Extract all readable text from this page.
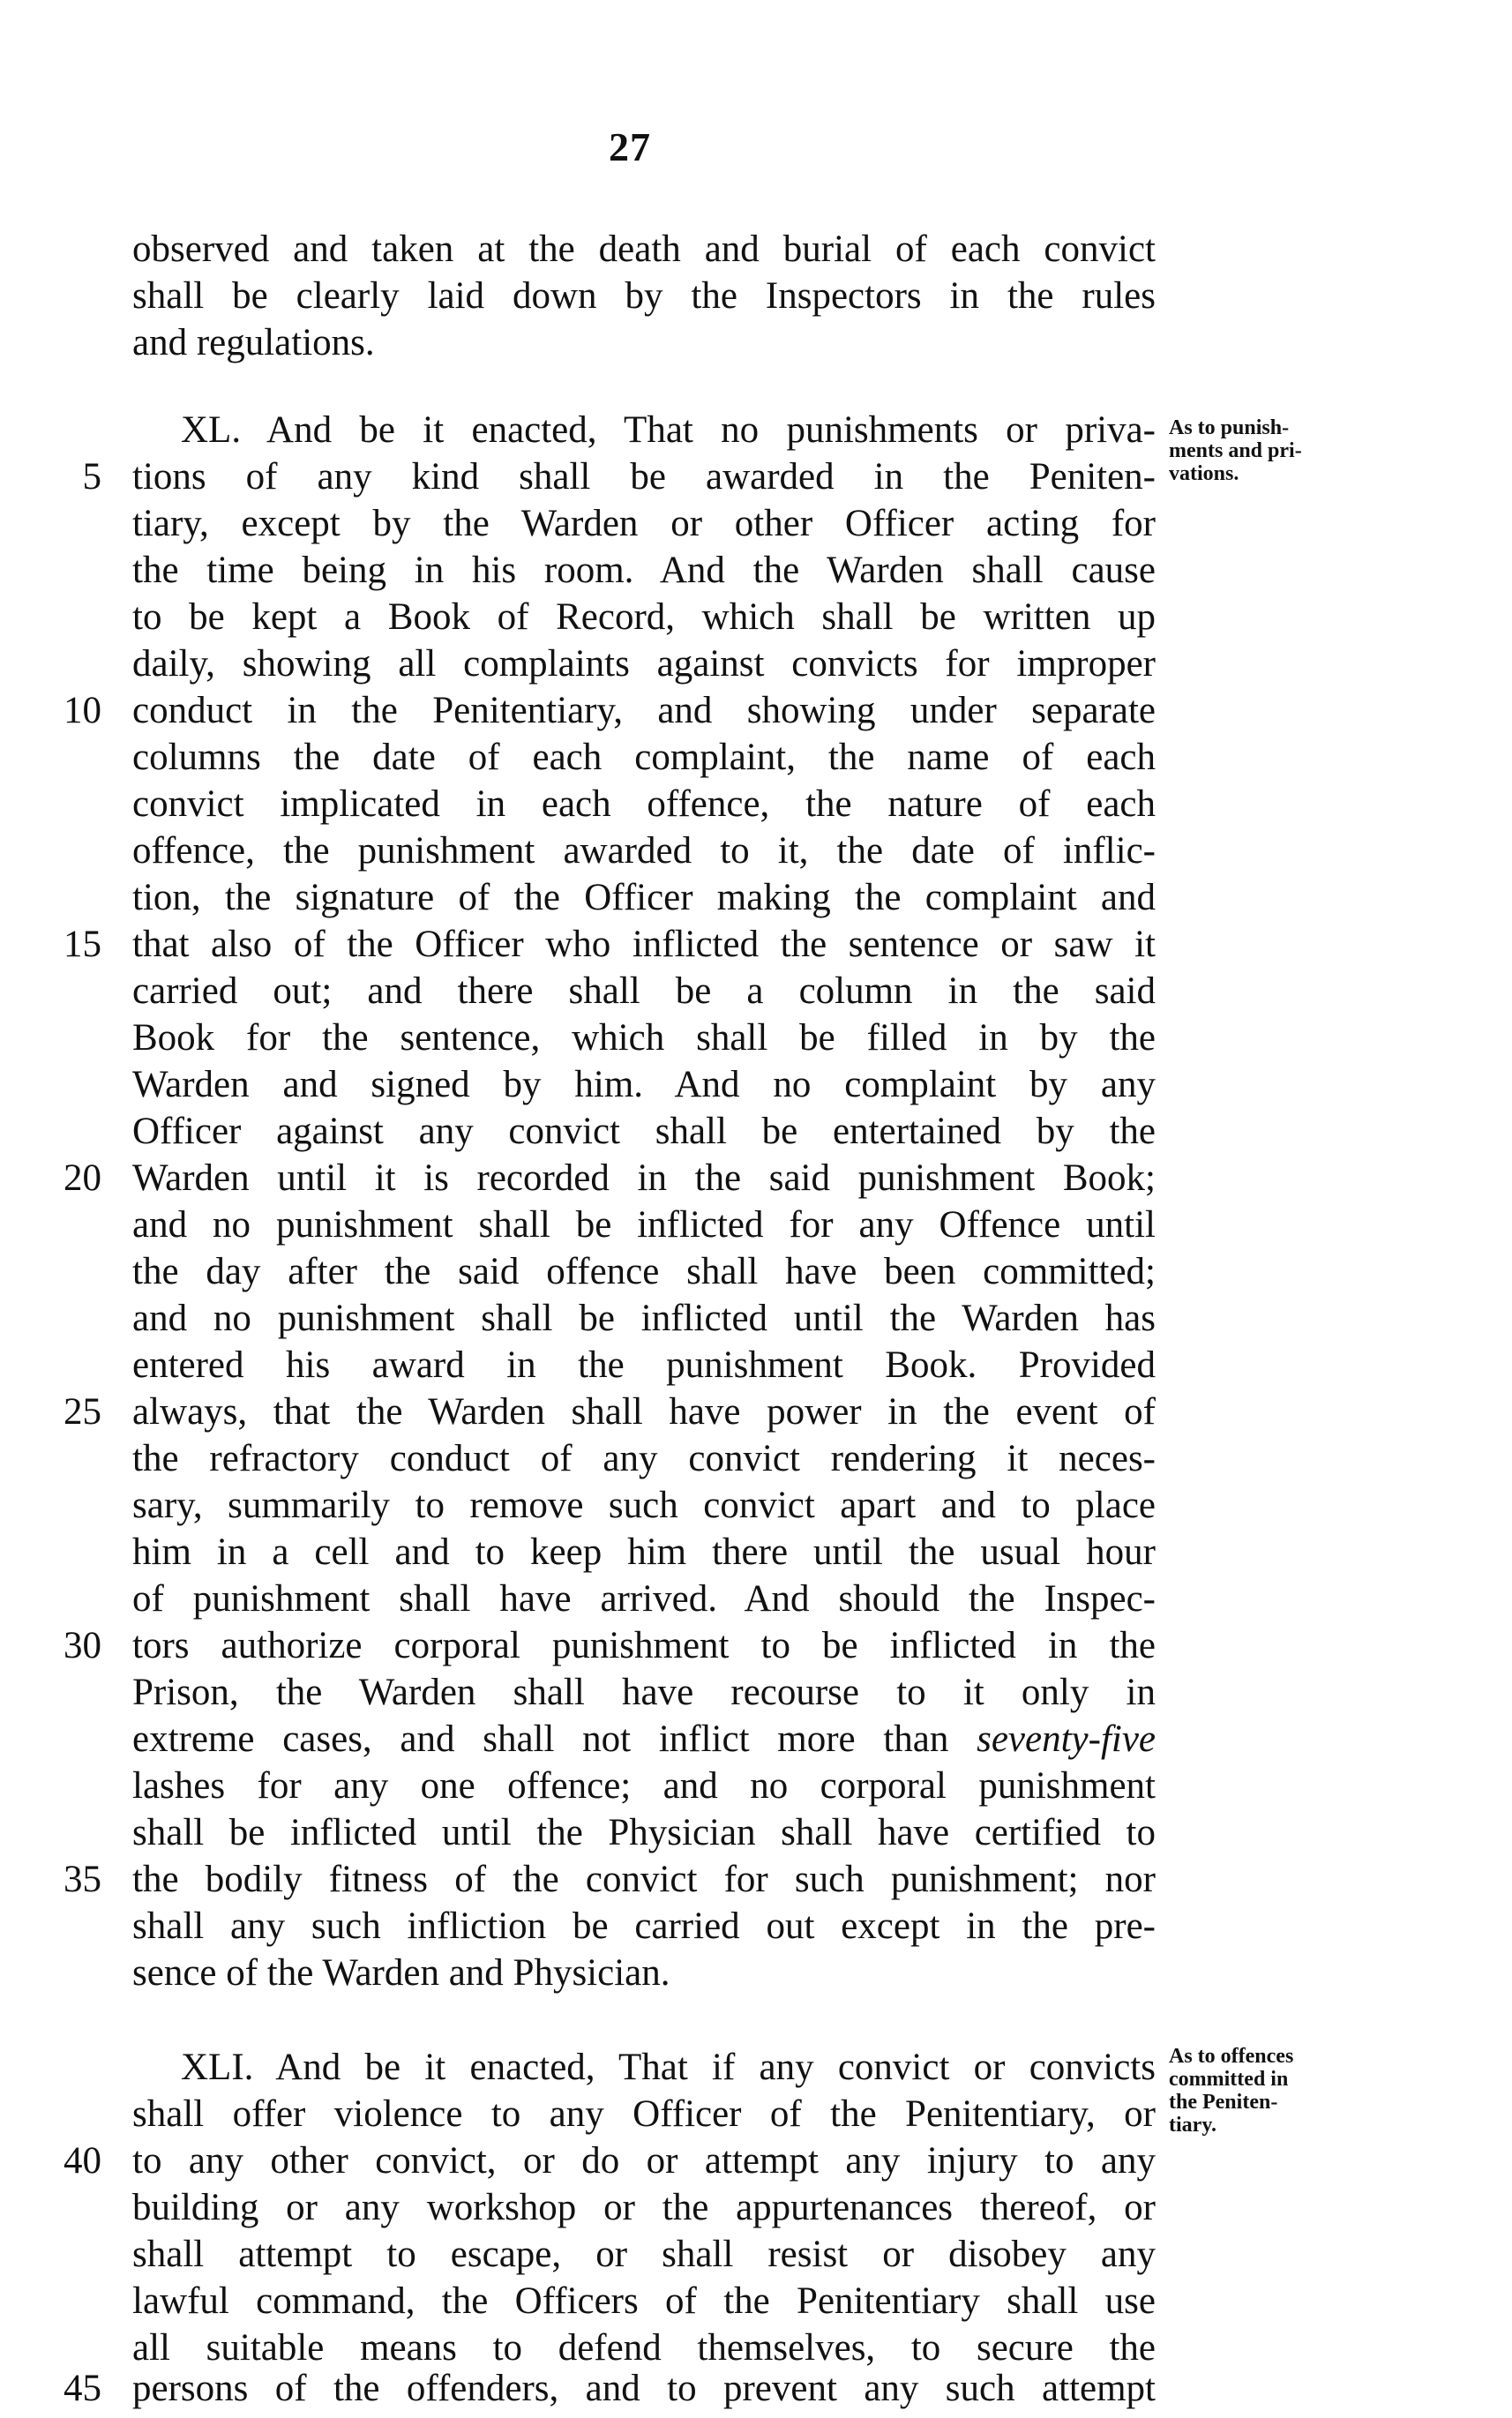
27
observed and taken at the death and burial of each convict
shall be clearly laid down by the Inspectors in the rules
and regulations.
XL. And be it enacted, That no punishments or priva-
tions of any kind shall be awarded in the Peniten-
tiary, except by the Warden or other Officer acting for
the time being in his room. And the Warden shall cause
to be kept a Book of Record, which shall be written up
daily, showing all complaints against convicts for improper
conduct in the Penitentiary, and showing under separate
columns the date of each complaint, the name of each
convict implicated in each offence, the nature of each
offence, the punishment awarded to it, the date of inflic-
tion, the signature of the Officer making the complaint and
that also of the Officer who inflicted the sentence or saw it
carried out; and there shall be a column in the said
Book for the sentence, which shall be filled in by the
Warden and signed by him. And no complaint by any
Officer against any convict shall be entertained by the
Warden until it is recorded in the said punishment Book;
and no punishment shall be inflicted for any Offence until
the day after the said offence shall have been committed;
and no punishment shall be inflicted until the Warden has
entered his award in the punishment Book. Provided
always, that the Warden shall have power in the event of
the refractory conduct of any convict rendering it neces-
sary, summarily to remove such convict apart and to place
him in a cell and to keep him there until the usual hour
of punishment shall have arrived. And should the Inspec-
tors authorize corporal punishment to be inflicted in the
Prison, the Warden shall have recourse to it only in
extreme cases, and shall not inflict more than seventy-five
lashes for any one offence; and no corporal punishment
shall be inflicted until the Physician shall have certified to
the bodily fitness of the convict for such punishment; nor
shall any such infliction be carried out except in the pre-
sence of the Warden and Physician.
XLI. And be it enacted, That if any convict or convicts
shall offer violence to any Officer of the Penitentiary, or
to any other convict, or do or attempt any injury to any
building or any workshop or the appurtenances thereof, or
shall attempt to escape, or shall resist or disobey any
lawful command, the Officers of the Penitentiary shall use
all suitable means to defend themselves, to secure the
persons of the offenders, and to prevent any such attempt
5
10
15
20
25
30
35
40
45
As to punish-
ments and pri-
vations.
As to offences
committed in
the Peniten-
tiary.
